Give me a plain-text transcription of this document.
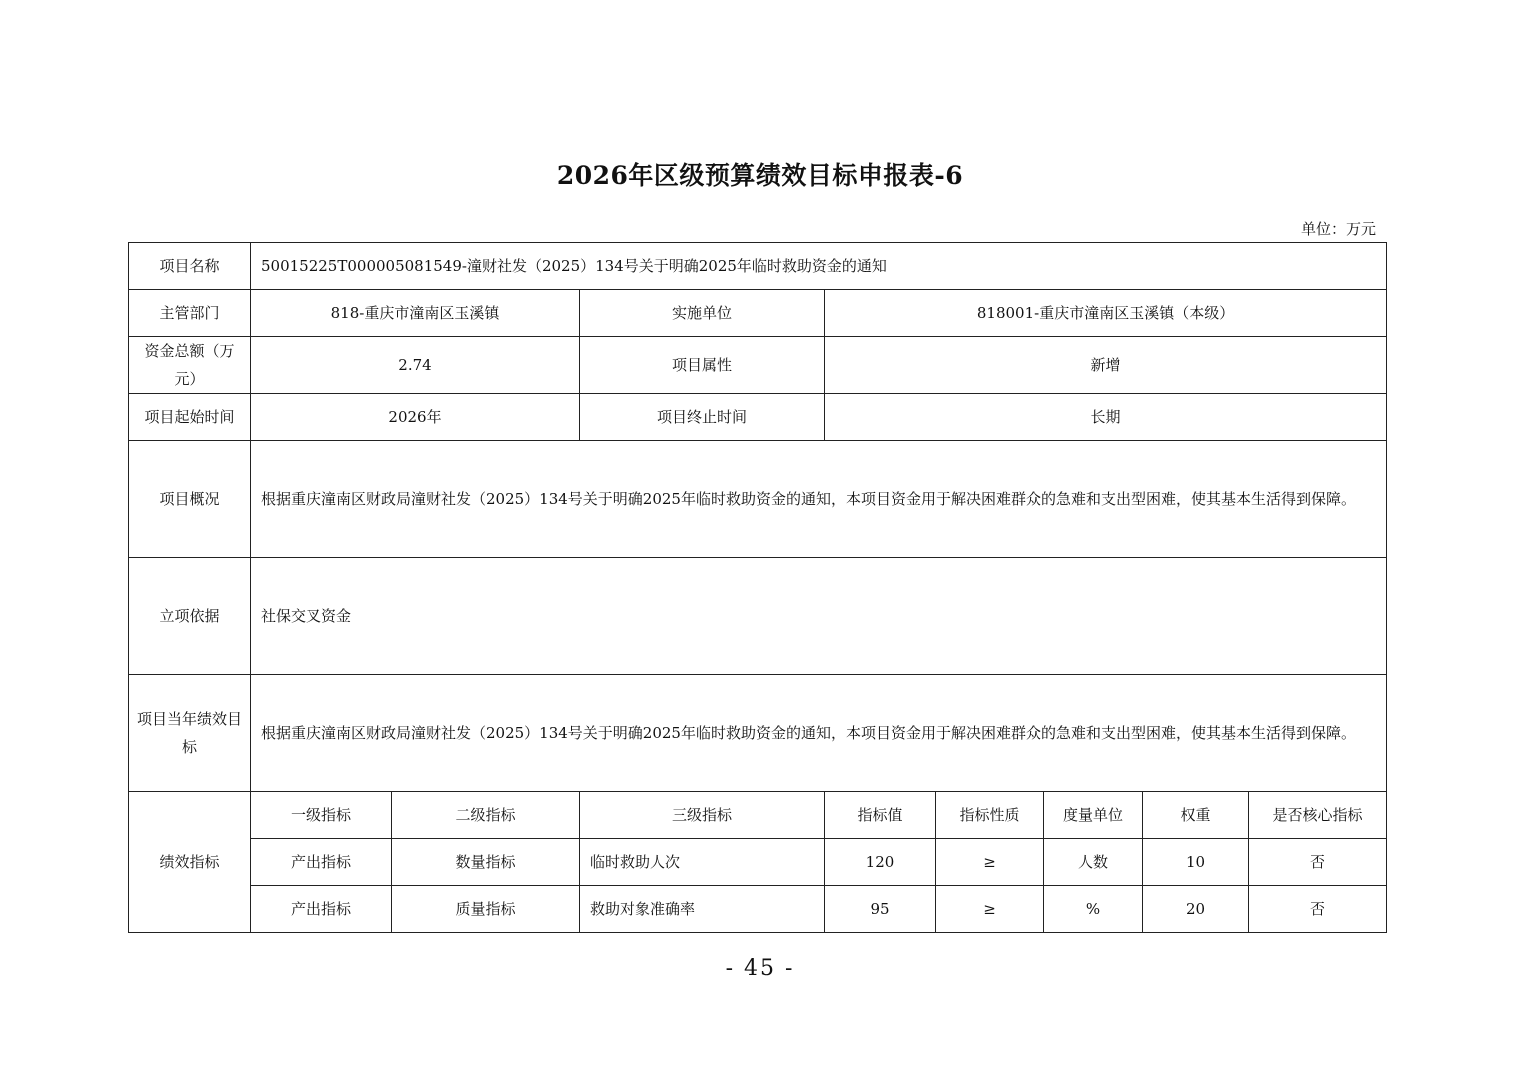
2026年区级预算绩效目标申报表-6
单位：万元
项目名称	50015225T000005081549-潼财社发（2025）134号关于明确2025年临时救助资金的通知							
主管部门	818-重庆市潼南区玉溪镇		实施单位	818001-重庆市潼南区玉溪镇（本级）				
资金总额（万元）	2.74		项目属性	新增				
项目起始时间	2026年		项目终止时间	长期				
项目概况	根据重庆潼南区财政局潼财社发（2025）134号关于明确2025年临时救助资金的通知，本项目资金用于解决困难群众的急难和支出型困难，使其基本生活得到保障。							
立项依据	社保交叉资金							
项目当年绩效目标	根据重庆潼南区财政局潼财社发（2025）134号关于明确2025年临时救助资金的通知，本项目资金用于解决困难群众的急难和支出型困难，使其基本生活得到保障。							
绩效指标	一级指标	二级指标	三级指标	指标值	指标性质	度量单位	权重	是否核心指标
	产出指标	数量指标	临时救助人次	120	≥	人数	10	否
	产出指标	质量指标	救助对象准确率	95	≥	%	20	否
- 45 -
